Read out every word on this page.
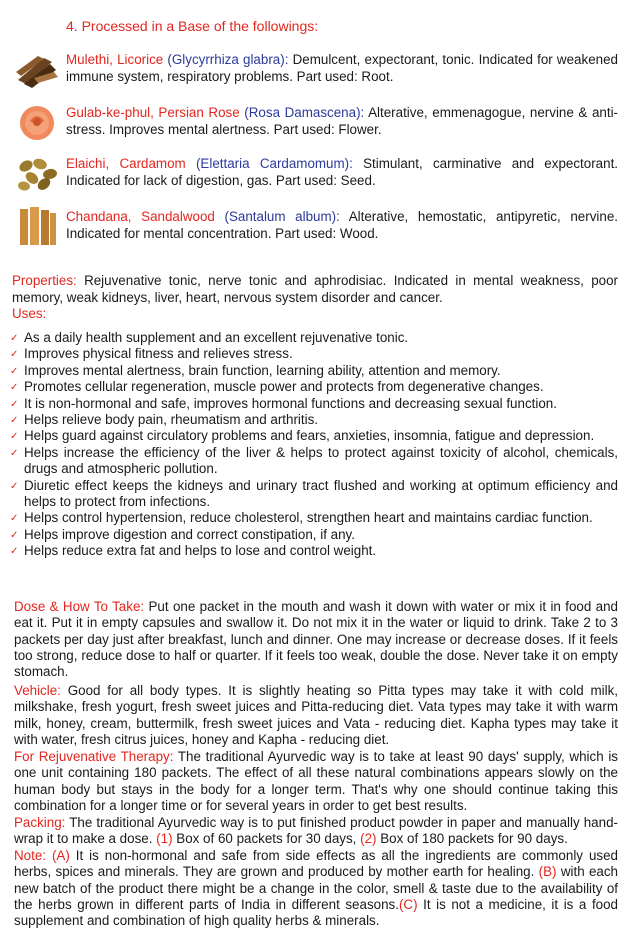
4. Processed in a Base of the followings:
Mulethi, Licorice (Glycyrrhiza glabra): Demulcent, expectorant, tonic. Indicated for weakened immune system, respiratory problems. Part used: Root.
Gulab-ke-phul, Persian Rose (Rosa Damascena): Alterative, emmenagogue, nervine & anti-stress. Improves mental alertness. Part used: Flower.
Elaichi, Cardamom (Elettaria Cardamomum): Stimulant, carminative and expectorant. Indicated for lack of digestion, gas. Part used: Seed.
Chandana, Sandalwood (Santalum album): Alterative, hemostatic, antipyretic, nervine. Indicated for mental concentration. Part used: Wood.
Properties: Rejuvenative tonic, nerve tonic and aphrodisiac. Indicated in mental weakness, poor memory, weak kidneys, liver, heart, nervous system disorder and cancer.
Uses:
✓ As a daily health supplement and an excellent rejuvenative tonic.
✓ Improves physical fitness and relieves stress.
✓ Improves mental alertness, brain function, learning ability, attention and memory.
✓ Promotes cellular regeneration, muscle power and protects from degenerative changes.
✓ It is non-hormonal and safe, improves hormonal functions and decreasing sexual function.
✓ Helps relieve body pain, rheumatism and arthritis.
✓ Helps guard against circulatory problems and fears, anxieties, insomnia, fatigue and depression.
✓ Helps increase the efficiency of the liver & helps to protect against toxicity of alcohol, chemicals, drugs and atmospheric pollution.
✓ Diuretic effect keeps the kidneys and urinary tract flushed and working at optimum efficiency and helps to protect from infections.
✓ Helps control hypertension, reduce cholesterol, strengthen heart and maintains cardiac function.
✓ Helps improve digestion and correct constipation, if any.
✓ Helps reduce extra fat and helps to lose and control weight.
Dose & How To Take: Put one packet in the mouth and wash it down with water or mix it in food and eat it. Put it in empty capsules and swallow it. Do not mix it in the water or liquid to drink. Take 2 to 3 packets per day just after breakfast, lunch and dinner. One may increase or decrease doses. If it feels too strong, reduce dose to half or quarter. If it feels too weak, double the dose. Never take it on empty stomach.
Vehicle: Good for all body types. It is slightly heating so Pitta types may take it with cold milk, milkshake, fresh yogurt, fresh sweet juices and Pitta-reducing diet. Vata types may take it with warm milk, honey, cream, buttermilk, fresh sweet juices and Vata - reducing diet. Kapha types may take it with water, fresh citrus juices, honey and Kapha - reducing diet.
For Rejuvenative Therapy: The traditional Ayurvedic way is to take at least 90 days' supply, which is one unit containing 180 packets. The effect of all these natural combinations appears slowly on the human body but stays in the body for a longer term. That's why one should continue taking this combination for a longer time or for several years in order to get best results.
Packing: The traditional Ayurvedic way is to put finished product powder in paper and manually hand-wrap it to make a dose. (1) Box of 60 packets for 30 days, (2) Box of 180 packets for 90 days.
Note: (A) It is non-hormonal and safe from side effects as all the ingredients are commonly used herbs, spices and minerals. They are grown and produced by mother earth for healing. (B) with each new batch of the product there might be a change in the color, smell & taste due to the availability of the herbs grown in different parts of India in different seasons.(C) It is not a medicine, it is a food supplement and combination of high quality herbs & minerals.
